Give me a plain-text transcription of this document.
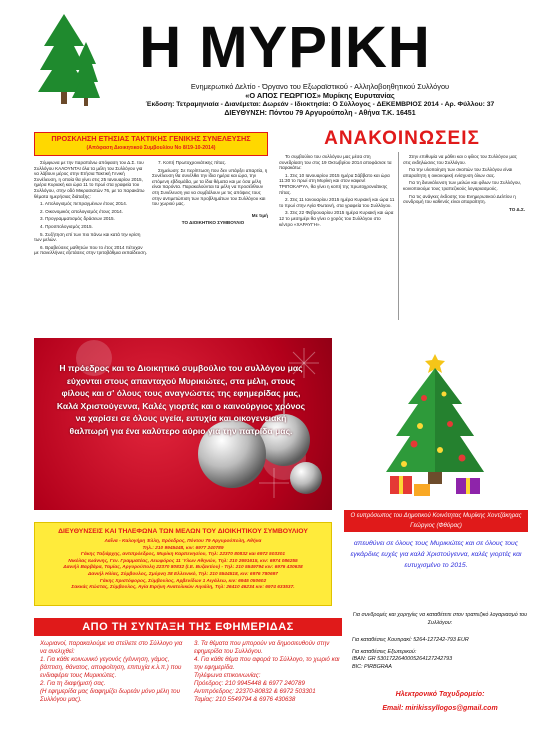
Η ΜΥΡΙΚΗ
Ενημερωτικό Δελτίο - Όργανο του Εξωραϊστικού - Αλληλοβοηθητικού Συλλόγου
«Ο ΑΠΟΣ ΓΕΩΡΓΙΟΣ» Μυρίκης Ευρυτανίας
Έκδοση: Τετραμηνιαία - Διανέμεται: Δωρεάν - Ιδιοκτησία: Ο Σύλλογος - ΔΕΚΕΜΒΡΙΟΣ 2014 - Αρ. Φύλλου: 37
ΔΙΕΥΘΥΝΣΗ: Πόντου 79 Αργυρούπολη - Αθήνα Τ.Κ. 16451
ΠΡΟΣΚΛΗΣΗ ΕΤΗΣΙΑΣ ΤΑΚΤΙΚΗΣ ΓΕΝΙΚΗΣ ΣΥΝΕΛΕΥΣΗΣ
(Απόφαση Διοικητικού Συμβουλίου Νο 8/19-10-2014)

Σύμφωνα με την παραπάνω απόφαση του Δ.Σ. του Συλλόγου ΚΑΛΟΥΝΤΑΙ όλα τα μέλη του Συλλόγου για να λάβουν μέρος στην Ετήσια Τακτική Γενική Συνέλευση, η οποία θα γίνει στις 25 Ιανουαρίου 2015, ημέρα Κυριακή και ώρα 11 το πρωί στα γραφεία του Συλλόγου, στην οδό Μικρασιατών 76, με τα παρακάτω θέματα ημερήσιας διάταξης:

1. Απολογισμός πεπραγμένων έτους 2014.

2. Οικονομικός απολογισμός έτους 2014.

3. Προγραμματισμός δράσεων 2015.

4. Προϋπολογισμός 2015.

5. Συζήτηση επί των πιο πάνω και κατά την κρίση των μελών.

6. Βραβεύσεις μαθητών που το έτος 2014 πέτυχαν με πανελλήνιες εξετάσεις στην τριτοβάθμια εκπαίδευση.

7. Κοπή Πρωτοχρονιάτικης πίτας.

Σημείωση: Σε περίπτωση που δεν υπάρξει απαρτία, η Συνέλευση θα συνέλθει την ίδια ημέρα και ώρα, την επόμενη εβδομάδα, με τα ίδια θέματα και με όσα μέλη είναι παρόντα. Παρακαλούνται τα μέλη να προσέλθουν στη Συνέλευση για να συμβάλουν με τις απόψεις τους στην αντιμετώπιση των προβλημάτων του Συλλόγου και του χωριού μας.

Με τιμή

ΤΟ ΔΙΟΙΚΗΤΙΚΟ ΣΥΜΒΟΥΛΙΟ

ΑΝΑΚΟΙΝΩΣΕΙΣ

Το συμβούλιο του συλλόγου μας μέσα στη συνεδρίαση του στις 19 Οκτωβρίου 2014 αποφάσισε τα παρακάτω:

1. Στις 10 Ιανουαρίου 2015 ημέρα Σάββατο και ώρα 11:30 το πρωί στη Μυρίκη και στον καφενέ ΤΡΙΠΟΚΑΡΥΑ, θα γίνει η κοπή της πρωτοχρονιάτικης πίτας.

2. Στις 11 Ιανουαρίου 2015 ημέρα Κυριακή και ώρα 11 το πρωί στην Αγία Φωτεινή, στα γραφεία του Συλλόγου.

3. Στις 22 Φεβρουαρίου 2015 ημέρα Κυριακή και ώρα 12 το μεσημέρι θα γίνει ο χορός του Συλλόγου στο κέντρο «ΧΑΡΑΥΓΗ».

Στην επιθυμία να μάθει και ο φίλος του Συλλόγου μας στις εκδηλώσεις του Συλλόγου.

Για την υλοποίηση των σκοπών του Συλλόγου είναι απαραίτητη η οικονομική ενίσχυση όλων σας.

Για τη διευκόλυνση των μελών και φίλων του Συλλόγου, κοινοποιούμε τους τραπεζικούς λογαριασμούς.

Για τις ανάγκες έκδοσης του Ενημερωτικού Δελτίου η συνδρομή του καθενός είναι απαραίτητη.

ΤΟ Δ.Σ.

Η πρόεδρος και το Διοικητικό συμβούλιο του συλλόγου μας εύχονται στους απανταχού Μυρικιώτες, στα μέλη, στους φίλους και σ' όλους τους αναγνώστες της εφημερίδας μας, Καλά Χριστούγεννα, Καλές γιορτές και ο καινούργιος χρόνος να χαρίσει σε όλους υγεία, ευτυχία και οικογενειακή θαλπωρή για ένα καλύτερο αύριο για την πατρίδα μας.
Ο ευπρόσωπος του Δημοτικού Κοινότητας Μυρίκης Χοντζάκηρας Γεώργιος (Φθόρας)
απευθύνει σε όλους τους Μυρικιώτες και σε όλους τους εγκάρδιες ευχές για καλά Χριστούγεννα, καλές γιορτές και ευτυχισμένο το 2015.
ΔΙΕΥΘΥΝΣΕΙΣ ΚΑΙ ΤΗΛΕΦΩΝΑ ΤΩΝ ΜΕΛΩΝ ΤΟΥ ΔΙΟΙΚΗΤΙΚΟΥ ΣΥΜΒΟΥΛΙΟΥ
Λαΐνα - Καλογήρη Έλλη, πρόεδρος, Πόντου 79 Αργυρούπολη, Αθήνα
Τηλ.: 210 9945448, κιν: 6977 240789
Γάκης Ταξιάρχης, αντιπρόεδρος, Μυρίκη Καρπενησίου, Τηλ: 22370 80832 και 6972 503301
Νικόλας Ιωάννης, Γεν. Γραμματέας, Λεωφόρος 11 Ύλων Αθηνών, Τηλ: 210 2691615, κιν: 6974 086255
Δανιήλ Βαρβάρα, Ταμίας, Αργυρούπολη 22370 80832 (Ι.Ε. Βυζαντίου) - Τηλ: 210 5549794 κιν: 6976 430638
Δανιήλ Ηλίας, Σύμβουλος, Σμύρνη 38 Ελλεινικό, Τηλ: 210 5544518, κιν: 6976 780697
Γάκης Χριστόφορος, Σύμβουλος, Αρβενίδων 1 Αιγάλεω, κιν: 6945 050602
Σακκάς Κώστας, Σύμβουλος, Αγία Ειρήνη Ανατολικών Αιγιάλη, Τηλ: 26410 46234 κιν: 6974 633537.
ΑΠΟ ΤΗ ΣΥΝΤΑΞΗ ΤΗΣ ΕΦΗΜΕΡΙΔΑΣ
Χωριανοί, παρακαλούμε να στείλετε στο Σύλλογο για να ανελιχθεί:
1. Για κάθε κοινωνικό γεγονός (γέννηση, γάμος, βάπτιση, θάνατος, αποφοίτηση, επιτυχία κ.λ.π.) που ενδιαφέρει τους Μυρικιώτες.
2. Για τη διαφήμισή σας.
(Η εφημερίδα μας διαφημίζει δωρεάν μόνο μέλη του Συλλόγου μας).
3. Τα θέματα που μπορούν να δημοσιευθούν στην εφημερίδα του Συλλόγου.
4. Για κάθε θέμα που αφορά το Σύλλογο, το χωριό και την εφημερίδα.
Τηλέφωνα επικοινωνίας:
Πρόεδρος: 210 9945448 & 6977 240789
Αντιπρόεδρος: 22370-80832 & 6972 503301
Ταμίας: 210 5549794 & 6976 430638
Για συνδρομές και χορηγίες να καταθέτετε στον τραπεζικό λογαριασμό του Συλλόγου:
Για καταθέσεις Κουτιρακί: 5264-127242-793 EUR
Για καταθέσεις Εξωτερικού:
IBAN: GR 5301722640005264127242793
BIC: PIRBGRAA
Ηλεκτρονικό Ταχυδρομείο:
Email: mirikissyllogos@gmail.com
